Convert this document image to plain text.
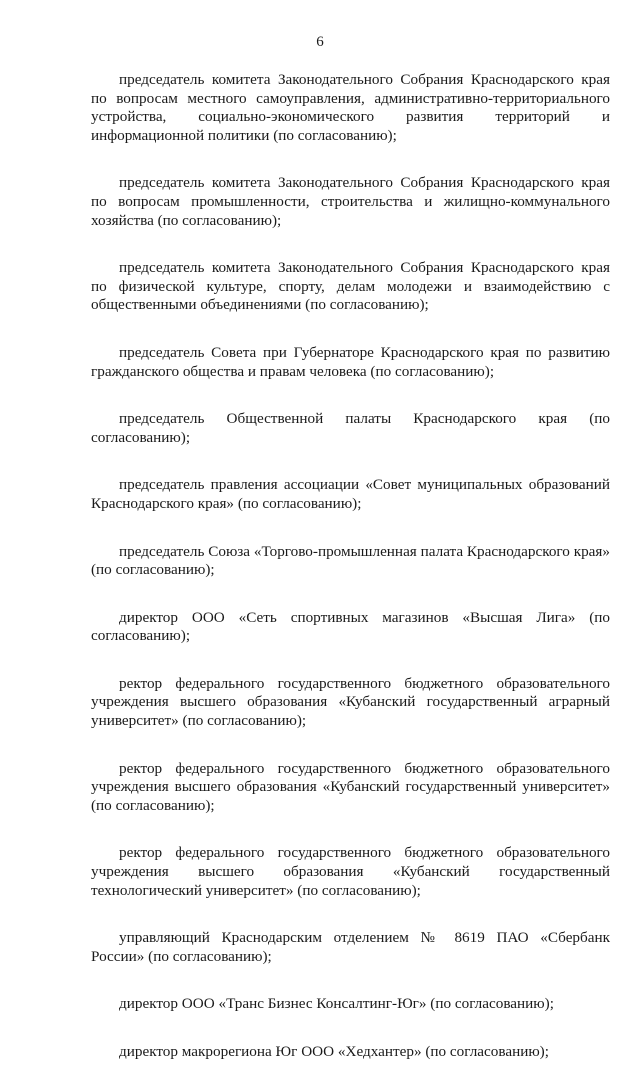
6

председатель комитета Законодательного Собрания Краснодарского края по вопросам местного самоуправления, административно-территориального устройства, социально-экономического развития территорий и информационной политики (по согласованию);

председатель комитета Законодательного Собрания Краснодарского края по вопросам промышленности, строительства и жилищно-коммунального хозяйства (по согласованию);

председатель комитета Законодательного Собрания Краснодарского края по физической культуре, спорту, делам молодежи и взаимодействию с общественными объединениями (по согласованию);

председатель Совета при Губернаторе Краснодарского края по развитию гражданского общества и правам человека (по согласованию);

председатель Общественной палаты Краснодарского края (по согласованию);

председатель правления ассоциации «Совет муниципальных образований Краснодарского края» (по согласованию);

председатель Союза «Торгово-промышленная палата Краснодарского края» (по согласованию);

директор ООО «Сеть спортивных магазинов «Высшая Лига» (по согласованию);

ректор федерального государственного бюджетного образовательного учреждения высшего образования «Кубанский государственный аграрный университет» (по согласованию);

ректор федерального государственного бюджетного образовательного учреждения высшего образования «Кубанский государственный университет» (по согласованию);

ректор федерального государственного бюджетного образовательного учреждения высшего образования «Кубанский государственный технологический университет» (по согласованию);

управляющий Краснодарским отделением № 8619 ПАО «Сбербанк России» (по согласованию);

директор ООО «Транс Бизнес Консалтинг-Юг» (по согласованию);

директор макрорегиона Юг ООО «Хедхантер» (по согласованию);
